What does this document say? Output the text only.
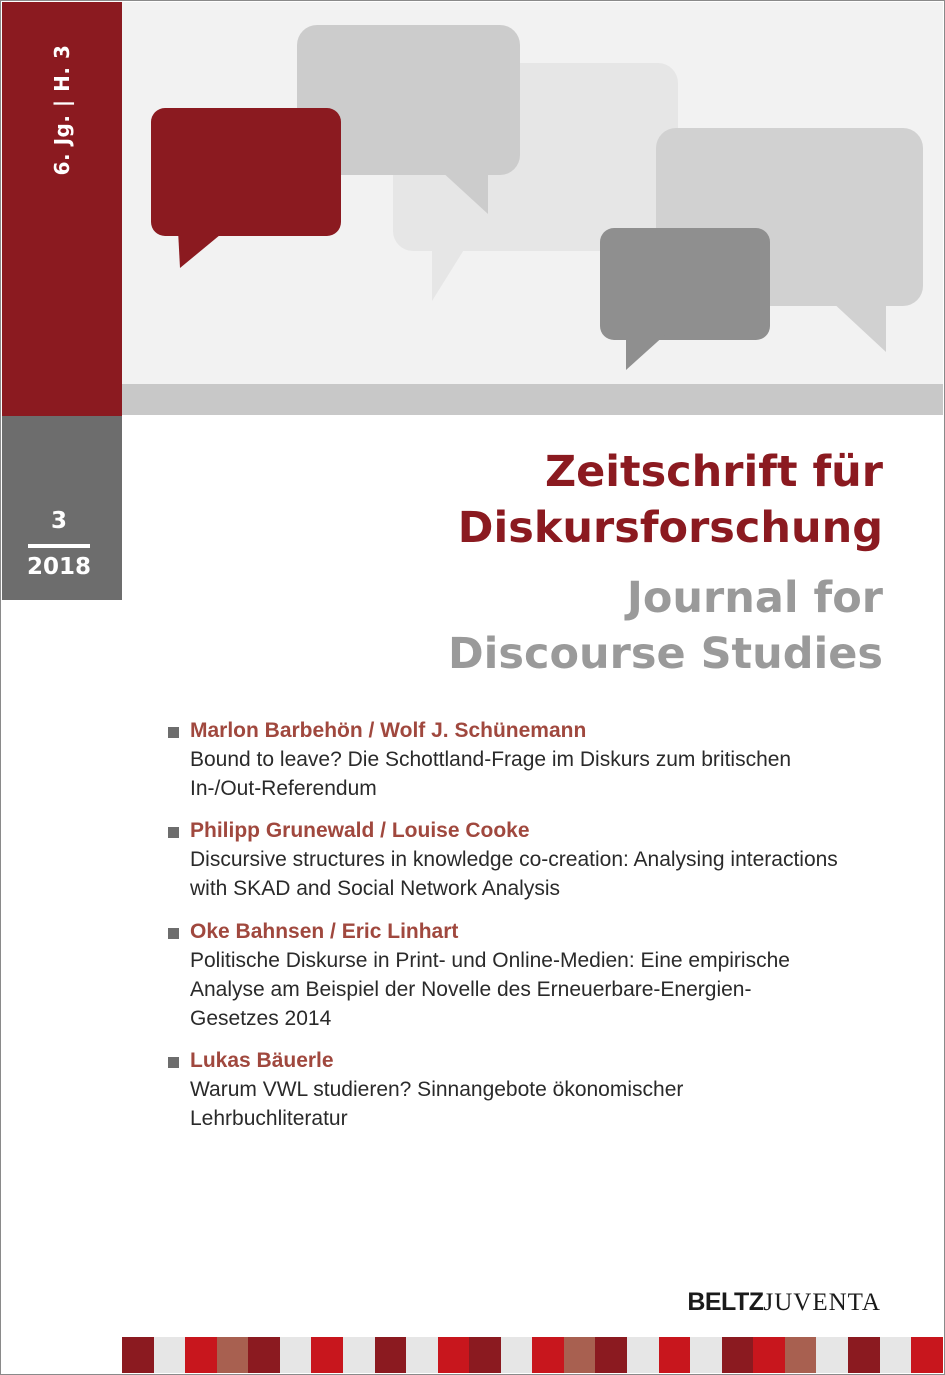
6. Jg. | H. 3
3
2018
Zeitschrift für
Diskursforschung
Journal for
Discourse Studies
Marlon Barbehön / Wolf J. Schünemann
Bound to leave? Die Schottland-Frage im Diskurs zum britischen In-/Out-Referendum
Philipp Grunewald / Louise Cooke
Discursive structures in knowledge co-creation: Analysing interactions with SKAD and Social Network Analysis
Oke Bahnsen / Eric Linhart
Politische Diskurse in Print- und Online-Medien: Eine empirische Analyse am Beispiel der Novelle des Erneuerbare-Energien-Gesetzes 2014
Lukas Bäuerle
Warum VWL studieren? Sinnangebote ökonomischer Lehrbuchliteratur
BELTZJUVENTA
